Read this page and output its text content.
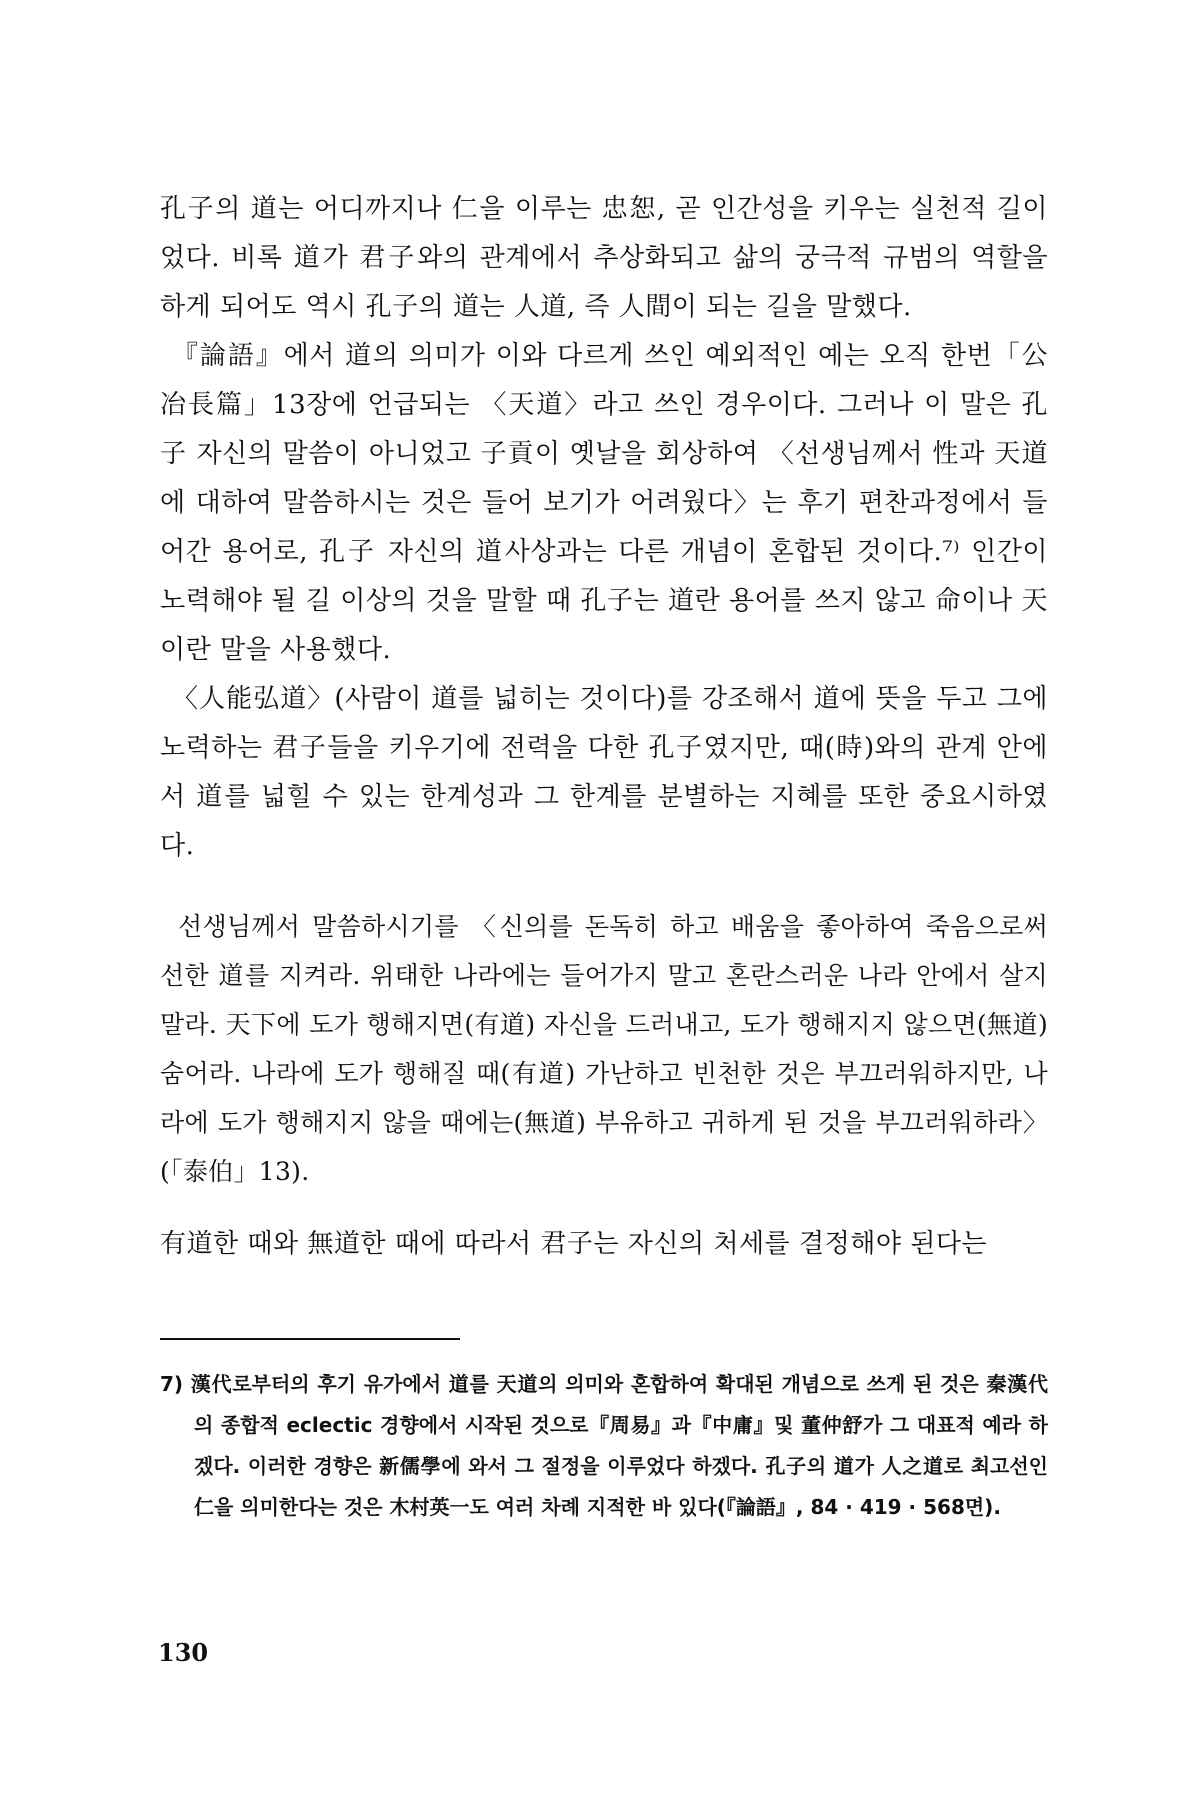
孔子의 道는 어디까지나 仁을 이루는 忠恕, 곧 인간성을 키우는 실천적 길이었다. 비록 道가 君子와의 관계에서 추상화되고 삶의 궁극적 규범의 역할을 하게 되어도 역시 孔子의 道는 人道, 즉 人間이 되는 길을 말했다.

『論語』에서 道의 의미가 이와 다르게 쓰인 예외적인 예는 오직 한번「公冶長篇」13장에 언급되는 〈天道〉라고 쓰인 경우이다. 그러나 이 말은 孔子 자신의 말씀이 아니었고 子貢이 옛날을 회상하여 〈선생님께서 性과 天道에 대하여 말씀하시는 것은 들어 보기가 어려웠다〉는 후기 편찬과정에서 들어간 용어로, 孔子 자신의 道사상과는 다른 개념이 혼합된 것이다.⁷⁾ 인간이 노력해야 될 길 이상의 것을 말할 때 孔子는 道란 용어를 쓰지 않고 命이나 天이란 말을 사용했다.

〈人能弘道〉(사람이 道를 넓히는 것이다)를 강조해서 道에 뜻을 두고 그에 노력하는 君子들을 키우기에 전력을 다한 孔子였지만, 때(時)와의 관계 안에서 道를 넓힐 수 있는 한계성과 그 한계를 분별하는 지혜를 또한 중요시하였다.

선생님께서 말씀하시기를 〈신의를 돈독히 하고 배움을 좋아하여 죽음으로써 선한 道를 지켜라. 위태한 나라에는 들어가지 말고 혼란스러운 나라 안에서 살지 말라. 天下에 도가 행해지면(有道) 자신을 드러내고, 도가 행해지지 않으면(無道) 숨어라. 나라에 도가 행해질 때(有道) 가난하고 빈천한 것은 부끄러워하지만, 나라에 도가 행해지지 않을 때에는(無道) 부유하고 귀하게 된 것을 부끄러워하라〉(「泰伯」13).

有道한 때와 無道한 때에 따라서 君子는 자신의 처세를 결정해야 된다는

7) 漢代로부터의 후기 유가에서 道를 天道의 의미와 혼합하여 확대된 개념으로 쓰게 된 것은 秦漢代의 종합적 eclectic 경향에서 시작된 것으로『周易』과『中庸』및 董仲舒가 그 대표적 예라 하겠다. 이러한 경향은 新儒學에 와서 그 절정을 이루었다 하겠다. 孔子의 道가 人之道로 최고선인 仁을 의미한다는 것은 木村英一도 여러 차례 지적한 바 있다(『論語』, 84 · 419 · 568면).

130
